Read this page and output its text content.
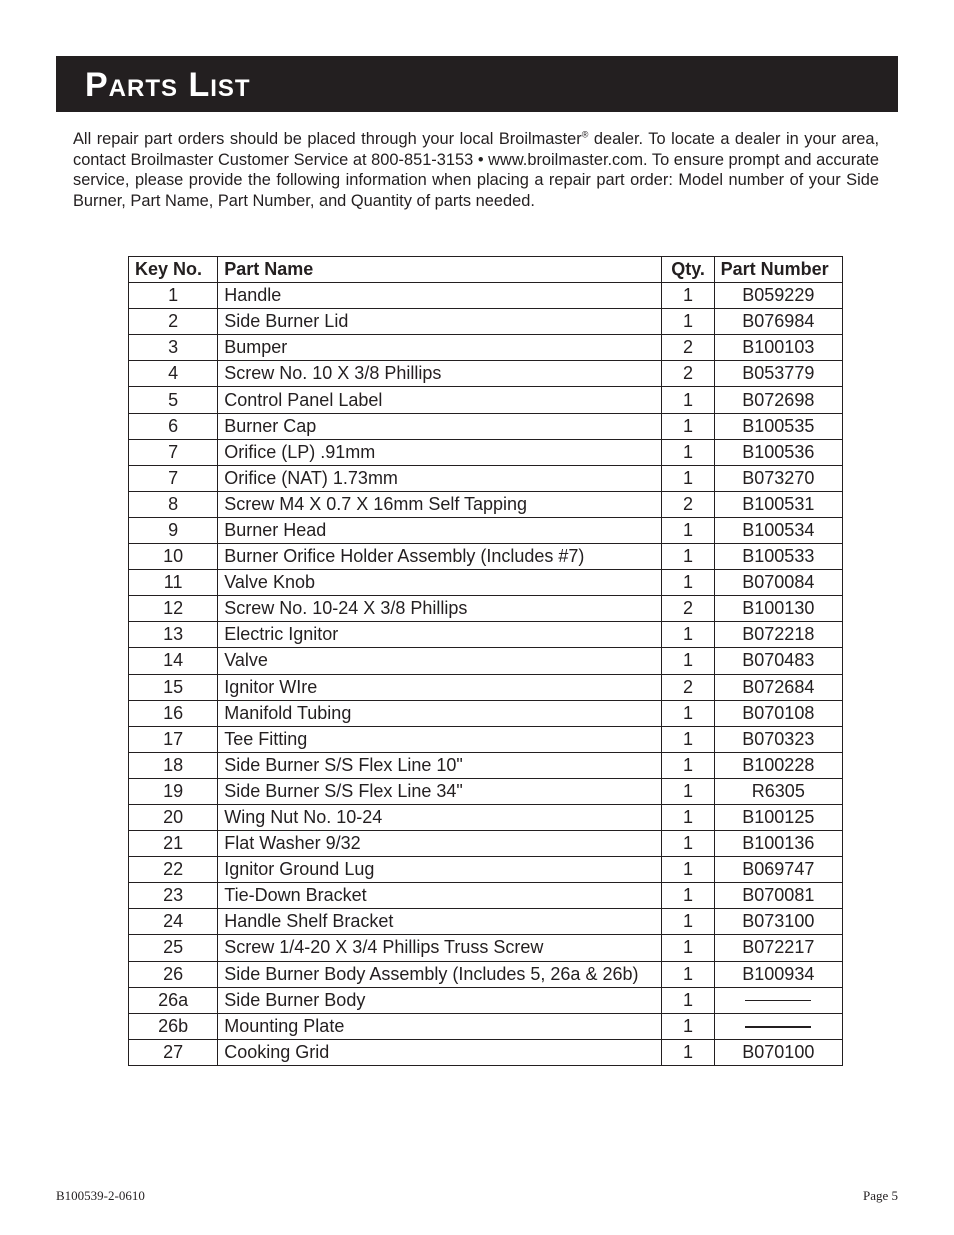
Parts List
All repair part orders should be placed through your local Broilmaster® dealer. To locate a dealer in your area, contact Broilmaster Customer Service at 800-851-3153 • www.broilmaster.com. To ensure prompt and accurate service, please provide the following information when placing a repair part order: Model number of your Side Burner, Part Name, Part Number, and Quantity of parts needed.
Key No.	Part Name	Qty.	Part Number
1	Handle	1	B059229
2	Side Burner Lid	1	B076984
3	Bumper	2	B100103
4	Screw No. 10 X 3/8 Phillips	2	B053779
5	Control Panel Label	1	B072698
6	Burner Cap	1	B100535
7	Orifice (LP) .91mm	1	B100536
7	Orifice (NAT) 1.73mm	1	B073270
8	Screw M4 X 0.7 X 16mm Self Tapping	2	B100531
9	Burner Head	1	B100534
10	Burner Orifice Holder Assembly (Includes #7)	1	B100533
11	Valve Knob	1	B070084
12	Screw No. 10-24 X 3/8 Phillips	2	B100130
13	Electric Ignitor	1	B072218
14	Valve	1	B070483
15	Ignitor WIre	2	B072684
16	Manifold Tubing	1	B070108
17	Tee Fitting	1	B070323
18	Side Burner S/S Flex Line 10"	1	B100228
19	Side Burner S/S Flex Line 34"	1	R6305
20	Wing Nut No. 10-24	1	B100125
21	Flat Washer 9/32	1	B100136
22	Ignitor Ground Lug	1	B069747
23	Tie-Down Bracket	1	B070081
24	Handle Shelf Bracket	1	B073100
25	Screw 1/4-20 X 3/4 Phillips Truss Screw	1	B072217
26	Side Burner Body Assembly (Includes 5, 26a & 26b)	1	B100934
26a	Side Burner Body	1	
26b	Mounting Plate	1	
27	Cooking Grid	1	B070100
B100539-2-0610	Page 5
